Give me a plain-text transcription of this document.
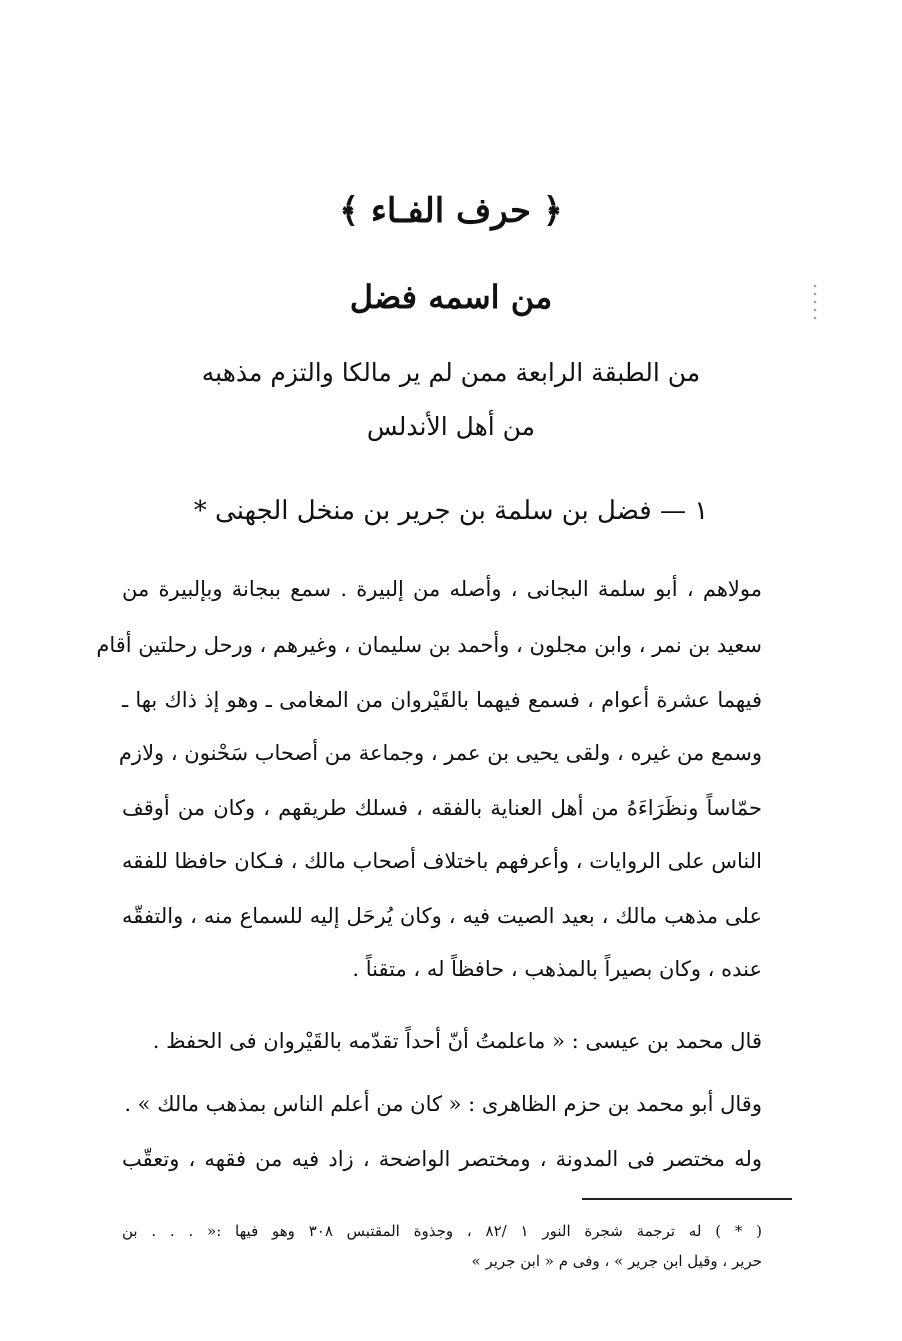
﴿ حرف الفـاء ﴾
من اسمه فضل
من الطبقة الرابعة ممن لم ير مالكا والتزم مذهبه
من أهل الأندلس
١ — فضل بن سلمة بن جرير بن منخل الجهنى *
مولاهم ، أبو سلمة البجانى ، وأصله من إلبيرة . سمع ببجانة وبإلبيرة من
سعيد بن نمر ، وابن مجلون ، وأحمد بن سليمان ، وغيرهم ، ورحل رحلتين أقام
فيهما عشرة أعوام ، فسمع فيهما بالقَيْروان من المغامى ـ وهو إذ ذاك بها ـ
وسمع من غيره ، ولقى يحيى بن عمر ، وجماعة من أصحاب سَحْنون ، ولازم
حمّاساً ونظَرَاءَهُ من أهل العناية بالفقه ، فسلك طريقهم ، وكان من أوقف
الناس على الروايات ، وأعرفهم باختلاف أصحاب مالك ، فـكان حافظا للفقه
على مذهب مالك ، بعيد الصيت فيه ، وكان يُرحَل إليه للسماع منه ، والتفقّه
عنده ، وكان بصيراً بالمذهب ، حافظاً له ، متقناً .
قال محمد بن عيسى : « ماعلمتُ أنّ أحداً تقدّمه بالقَيْروان فى الحفظ .
وقال أبو محمد بن حزم الظاهرى : « كان من أعلم الناس بمذهب مالك » .
وله مختصر فى المدونة ، ومختصر الواضحة ، زاد فيه من فقهه ، وتعقّب
( * ) له ترجمة شجرة النور ١ /٨٢ ، وجذوة المقتبس ٣٠٨ وهو فيها :« . . . بن
حرير ، وقيل ابن جرير » ، وفى م « ابن جرير »
